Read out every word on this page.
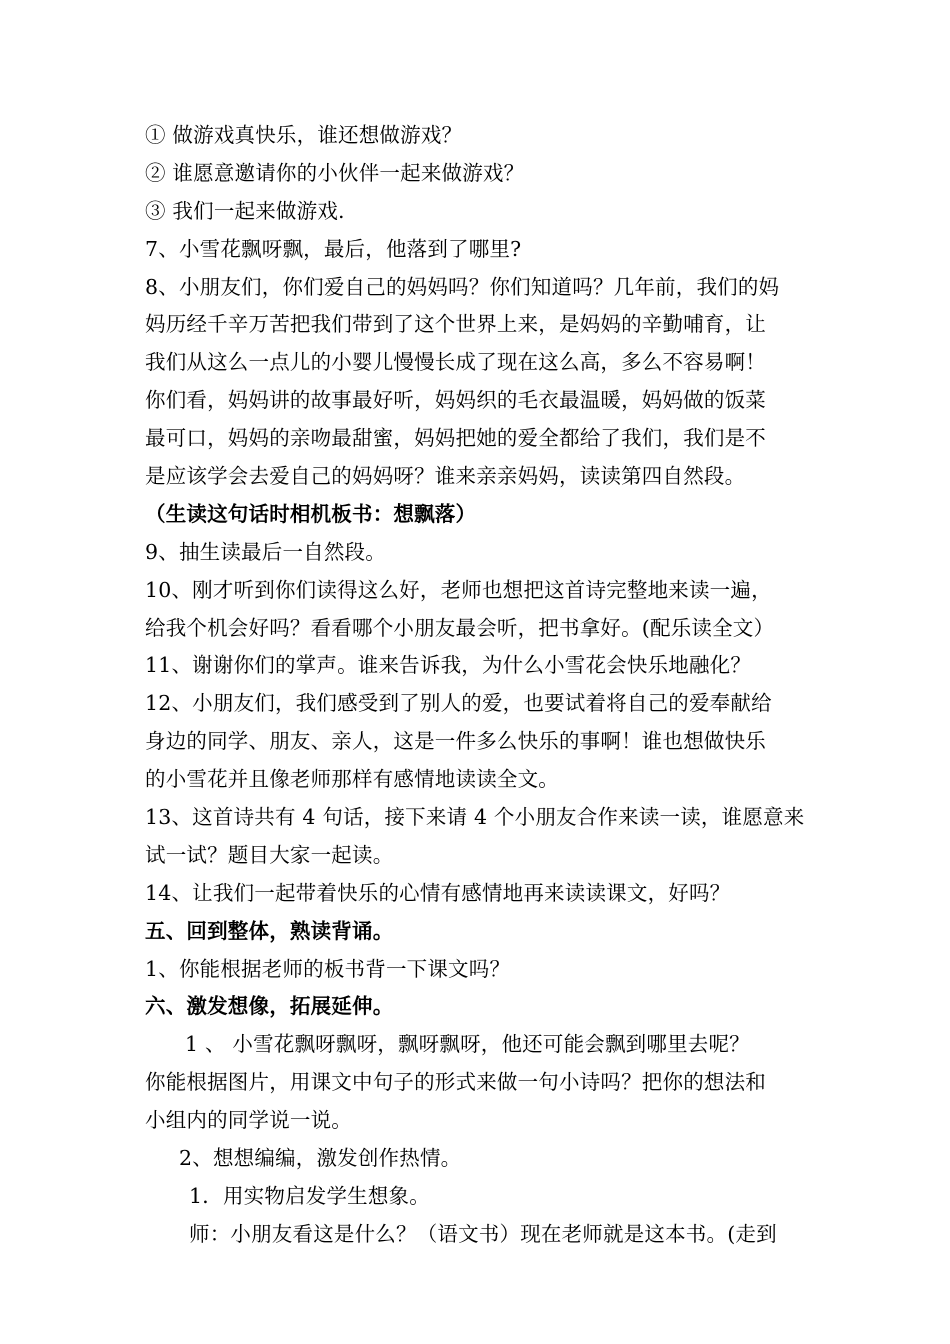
① 做游戏真快乐，谁还想做游戏？
② 谁愿意邀请你的小伙伴一起来做游戏？
③ 我们一起来做游戏.
7、小雪花飘呀飘，最后，他落到了哪里?
8、小朋友们，你们爱自己的妈妈吗？你们知道吗？几年前，我们的妈
妈历经千辛万苦把我们带到了这个世界上来，是妈妈的辛勤哺育，让
我们从这么一点儿的小婴儿慢慢长成了现在这么高，多么不容易啊！
你们看，妈妈讲的故事最好听，妈妈织的毛衣最温暖，妈妈做的饭菜
最可口，妈妈的亲吻最甜蜜，妈妈把她的爱全都给了我们，我们是不
是应该学会去爱自己的妈妈呀？谁来亲亲妈妈，读读第四自然段。
（生读这句话时相机板书：想飘落）
9、抽生读最后一自然段。
10、刚才听到你们读得这么好，老师也想把这首诗完整地来读一遍，
给我个机会好吗？看看哪个小朋友最会听，把书拿好。(配乐读全文）
11、谢谢你们的掌声。谁来告诉我，为什么小雪花会快乐地融化？
12、小朋友们，我们感受到了别人的爱，也要试着将自己的爱奉献给
身边的同学、朋友、亲人，这是一件多么快乐的事啊！谁也想做快乐
的小雪花并且像老师那样有感情地读读全文。
13、这首诗共有 4 句话，接下来请 4 个小朋友合作来读一读，谁愿意来
试一试？题目大家一起读。
14、让我们一起带着快乐的心情有感情地再来读读课文，好吗？
五、回到整体，熟读背诵。
1、你能根据老师的板书背一下课文吗？
六、激发想像，拓展延伸。
1 、 小雪花飘呀飘呀，飘呀飘呀，他还可能会飘到哪里去呢？
你能根据图片，用课文中句子的形式来做一句小诗吗？把你的想法和
小组内的同学说一说。
2、想想编编，激发创作热情。
1．用实物启发学生想象。
师：小朋友看这是什么？（语文书）现在老师就是这本书。(走到
